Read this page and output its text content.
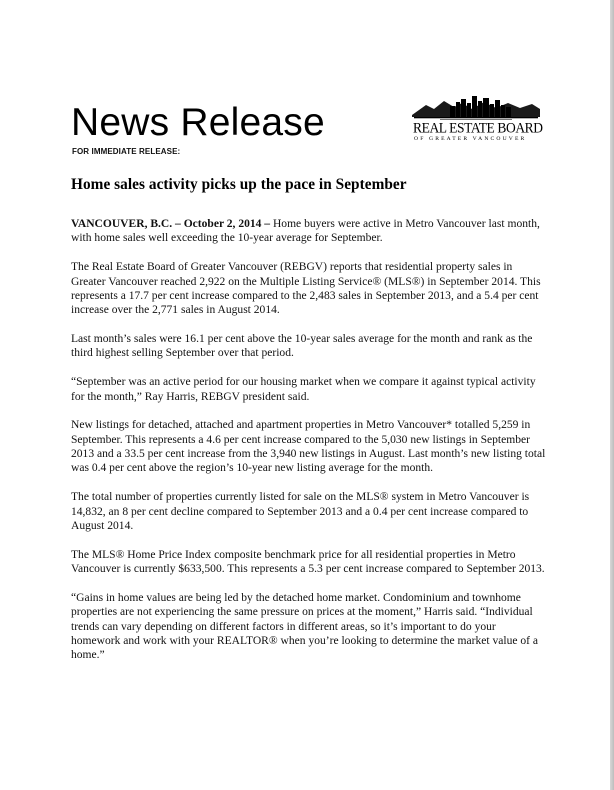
News Release
FOR IMMEDIATE RELEASE:
REAL ESTATE BOARD
OF GREATER VANCOUVER
Home sales activity picks up the pace in September

VANCOUVER, B.C. – October 2, 2014 – Home buyers were active in Metro Vancouver last month, with home sales well exceeding the 10-year average for September.

The Real Estate Board of Greater Vancouver (REBGV) reports that residential property sales in Greater Vancouver reached 2,922 on the Multiple Listing Service® (MLS®) in September 2014. This represents a 17.7 per cent increase compared to the 2,483 sales in September 2013, and a 5.4 per cent increase over the 2,771 sales in August 2014.

Last month’s sales were 16.1 per cent above the 10-year sales average for the month and rank as the third highest selling September over that period.

“September was an active period for our housing market when we compare it against typical activity for the month,” Ray Harris, REBGV president said.

New listings for detached, attached and apartment properties in Metro Vancouver* totalled 5,259 in September. This represents a 4.6 per cent increase compared to the 5,030 new listings in September 2013 and a 33.5 per cent increase from the 3,940 new listings in August. Last month’s new listing total was 0.4 per cent above the region’s 10-year new listing average for the month.

The total number of properties currently listed for sale on the MLS® system in Metro Vancouver is 14,832, an 8 per cent decline compared to September 2013 and a 0.4 per cent increase compared to August 2014.

The MLS® Home Price Index composite benchmark price for all residential properties in Metro Vancouver is currently $633,500. This represents a 5.3 per cent increase compared to September 2013.

“Gains in home values are being led by the detached home market. Condominium and townhome properties are not experiencing the same pressure on prices at the moment,” Harris said. “Individual trends can vary depending on different factors in different areas, so it’s important to do your homework and work with your REALTOR® when you’re looking to determine the market value of a home.”
